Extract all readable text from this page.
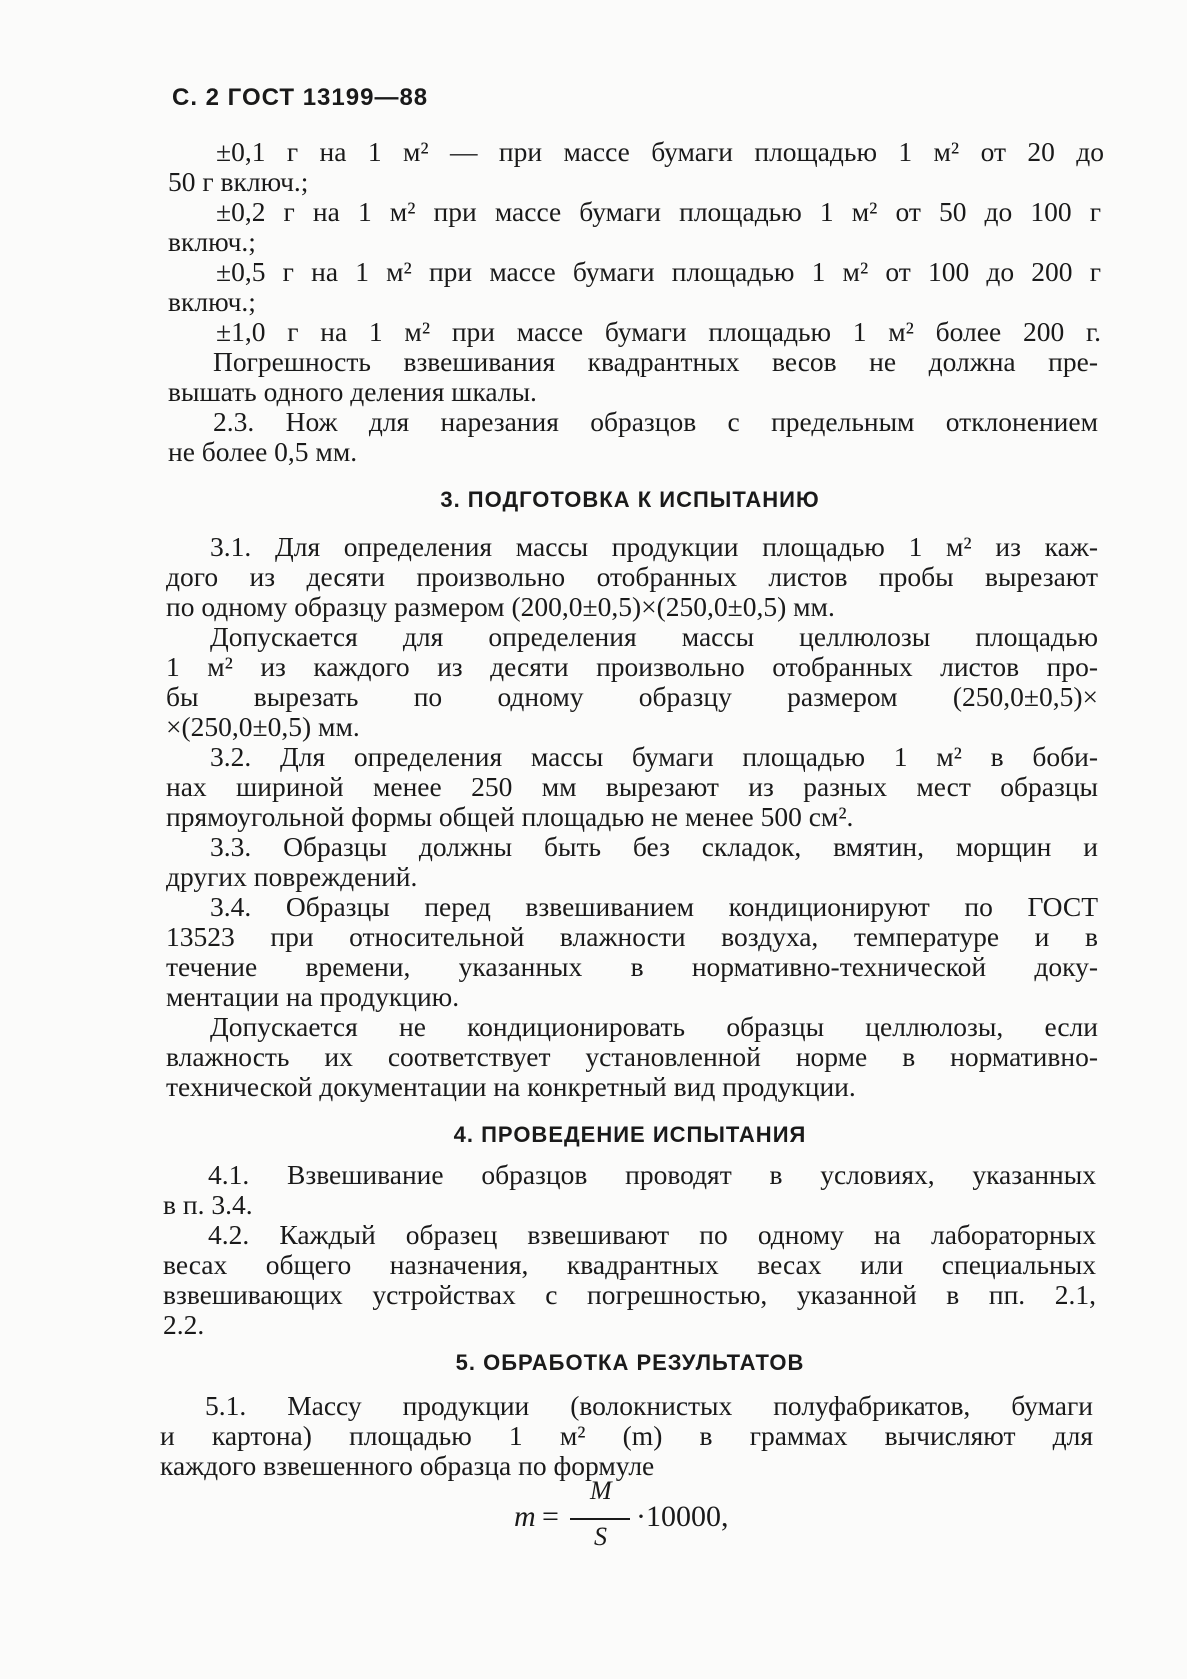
С. 2 ГОСТ 13199—88
±0,1 г на 1 м² — при массе бумаги площадью 1 м² от 20 до
50 г включ.;
±0,2 г на 1 м² при массе бумаги площадью 1 м² от 50 до 100 г
включ.;
±0,5 г на 1 м² при массе бумаги площадью 1 м² от 100 до 200 г
включ.;
±1,0 г на 1 м² при массе бумаги площадью 1 м² более 200 г.
Погрешность взвешивания квадрантных весов не должна пре-
вышать одного деления шкалы.
2.3. Нож для нарезания образцов с предельным отклонением
не более 0,5 мм.
3. ПОДГОТОВКА К ИСПЫТАНИЮ
3.1. Для определения массы продукции площадью 1 м² из каж-
дого из десяти произвольно отобранных листов пробы вырезают
по одному образцу размером (200,0±0,5)×(250,0±0,5) мм.
Допускается для определения массы целлюлозы площадью
1 м² из каждого из десяти произвольно отобранных листов про-
бы вырезать по одному образцу размером (250,0±0,5)×
×(250,0±0,5) мм.
3.2. Для определения массы бумаги площадью 1 м² в боби-
нах шириной менее 250 мм вырезают из разных мест образцы
прямоугольной формы общей площадью не менее 500 см².
3.3. Образцы должны быть без складок, вмятин, морщин и
других повреждений.
3.4. Образцы перед взвешиванием кондиционируют по ГОСТ
13523 при относительной влажности воздуха, температуре и в
течение времени, указанных в нормативно-технической доку-
ментации на продукцию.
Допускается не кондиционировать образцы целлюлозы, если
влажность их соответствует установленной норме в нормативно-
технической документации на конкретный вид продукции.
4. ПРОВЕДЕНИЕ ИСПЫТАНИЯ
4.1. Взвешивание образцов проводят в условиях, указанных
в п. 3.4.
4.2. Каждый образец взвешивают по одному на лабораторных
весах общего назначения, квадрантных весах или специальных
взвешивающих устройствах с погрешностью, указанной в пп. 2.1,
2.2.
5. ОБРАБОТКА РЕЗУЛЬТАТОВ
5.1. Массу продукции (волокнистых полуфабрикатов, бумаги
и картона) площадью 1 м² (m) в граммах вычисляют для
каждого взвешенного образца по формуле
m =
M
S
·10000,
